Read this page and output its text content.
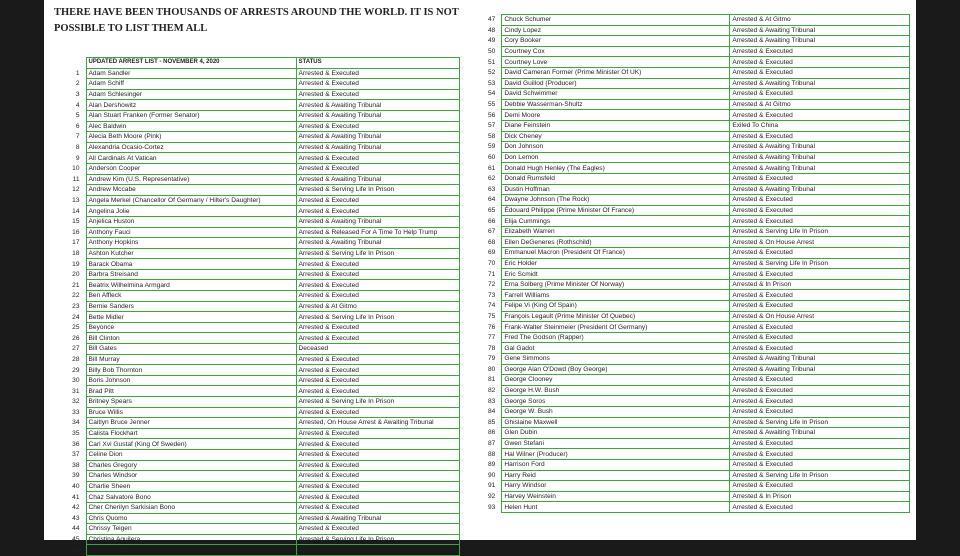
THERE HAVE BEEN THOUSANDS OF ARRESTS AROUND THE WORLD. IT IS NOT POSSIBLE TO LIST THEM ALL
	UPDATED ARREST LIST - NOVEMBER 4, 2020	STATUS
1	Adam Sandler	Arrested & Executed
2	Adam Schiff	Arrested & Executed
3	Adam Schlesinger	Arrested & Executed
4	Alan Dershowitz	Arrested & Awaiting Tribunal
5	Alan Stuart Franken (Former Senator)	Arrested & Awaiting Tribunal
6	Alec Baldwin	Arrested & Executed
7	Alecia Beth Moore (Pink)	Arrested & Awaiting Tribunal
8	Alexandria Ocasio-Cortez	Arrested & Awaiting Tribunal
9	All Cardinals At Vatican	Arrested & Executed
10	Anderson Cooper	Arrested & Executed
11	Andrew Kim (U.S. Representative)	Arrested & Awaiting Tribunal
12	Andrew Mccabe	Arrested & Serving Life In Prison
13	Angela Merkel (Chancellor Of Germany / Hilter's Daughter)	Arrested & Executed
14	Angelina Jolie	Arrested & Executed
15	Anjelica Huston	Arrested & Awaiting Tribunal
16	Anthony Fauci	Arrested & Released For A Time To Help Trump
17	Anthony Hopkins	Arrested & Awaiting Tribunal
18	Ashton Kutcher	Arrested & Serving Life In Prison
19	Barack Obama	Arrested & Executed
20	Barbra Streisand	Arrested & Executed
21	Beatrix Wilhelmina Armgard	Arrested & Executed
22	Ben Affleck	Arrested & Executed
23	Bernie Sanders	Arrested & At Gitmo
24	Bette Midler	Arrested & Serving Life In Prison
25	Beyonce	Arrested & Executed
26	Bill Clinton	Arrested & Executed
27	Bill Gates	Deceased
28	Bill Murray	Arrested & Executed
29	Billy Bob Thornton	Arrested & Executed
30	Boris Johnson	Arrested & Executed
31	Brad Pitt	Arrested & Executed
32	Britney Spears	Arrested & Serving Life In Prison
33	Bruce Willis	Arrested & Executed
34	Caitlyn Bruce Jenner	Arrested, On House Arrest & Awaiting Tribunal
35	Calista Flockhart	Arrested & Executed
36	Carl Xvi Gustaf (King Of Sweden)	Arrested & Executed
37	Celine Dion	Arrested & Executed
38	Charles Gregory	Arrested & Executed
39	Charles Windsor	Arrested & Executed
40	Charlie Sheen	Arrested & Executed
41	Chaz Salvatore Bono	Arrested & Executed
42	Cher Cherilyn Sarkisian Bono	Arrested & Executed
43	Chris Quomo	Arrested & Awaiting Tribunal
44	Chrissy Teigen	Arrested & Executed
45	Christina Aguilera	Arrested & Serving Life In Prison
46	Christopher Bridges (Ludacris)	Arrested & Executed
47	Chuck Schumer	Arrested & At Gitmo
48	Cindy Lopez	Arrested & Awaiting Tribunal
49	Cory Booker	Arrested & Awaiting Tribunal
50	Courtney Cox	Arrested & Executed
51	Courtney Love	Arrested & Executed
52	David Cameran Former (Prime Minister Of UK)	Arrested & Executed
53	David Guillod (Producer)	Arrested & Awaiting Tribunal
54	David Schwimmer	Arrested & Executed
55	Debbie Wasserman-Shultz	Arrested & At Gitmo
56	Demi Moore	Arrested & Executed
57	Diane Feinstein	Exiled To China
58	Dick Cheney	Arrested & Executed
59	Don Johnson	Arrested & Awaiting Tribunal
60	Don Lemon	Arrested & Awaiting Tribunal
61	Donald Hugh Henley (The Eagles)	Arrested & Awaiting Tribunal
62	Donald Rumsfeld	Arrested & Executed
63	Dustin Hoffman	Arrested & Awaiting Tribunal
64	Dwayne Johnson (The Rock)	Arrested & Executed
65	Édouard Philippe (Prime Minister Of France)	Arrested & Executed
66	Elija Cummings	Arrested & Executed
67	Elizabeth Warren	Arrested & Serving Life In Prison
68	Ellen DeGeneres (Rothschild)	Arrested & On House Arrest
69	Emmanuel Macron (President Of France)	Arrested & Executed
70	Eric Holder	Arrested & Serving Life In Prison
71	Eric Scmidt	Arrested & Executed
72	Erna Solberg (Prime Minister Of Norway)	Arrested & In Prison
73	Farrell Williams	Arrested & Executed
74	Felipe Vi (King Of Spain)	Arrested & Executed
75	François Legault (Prime Minister Of Quebec)	Arrested & On House Arrest
76	Frank-Walter Steinmeier (President Of Germany)	Arrested & Executed
77	Fred The Godson (Rapper)	Arrested & Executed
78	Gal Gadot	Arrested & Executed
79	Gene Simmons	Arrested & Awaiting Tribunal
80	George Alan O'Dowd (Boy George)	Arrested & Awaiting Tribunal
81	George Clooney	Arrested & Executed
82	George H.W. Bush	Arrested & Executed
83	George Soros	Arrested & Executed
84	George W. Bush	Arrested & Executed
85	Ghislaine Maxwell	Arrested & Serving Life In Prison
86	Glen Dubin	Arrested & Awaiting Tribunal
87	Gwen Stefani	Arrested & Executed
88	Hal Wilner (Producer)	Arrested & Executed
89	Harrison Ford	Arrested & Executed
90	Harry Reid	Arrested & Serving Life In Prison
91	Harry Windsor	Arrested & Executed
92	Harvey Weinstein	Arrested & In Prison
93	Helen Hunt	Arrested & Executed
